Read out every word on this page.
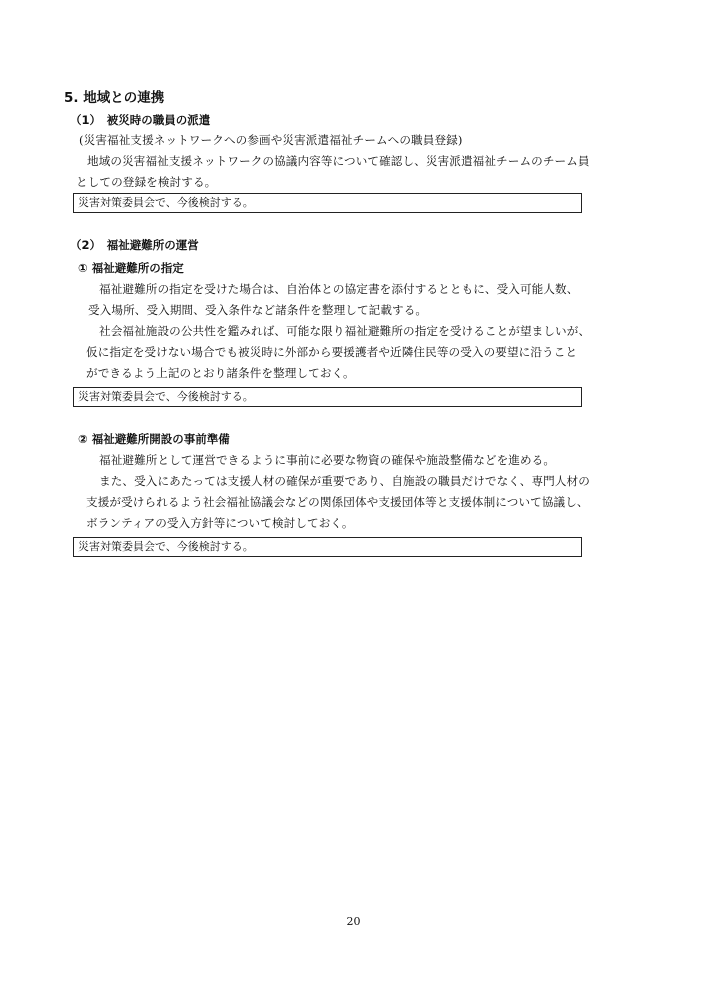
5. 地域との連携
（1）　被災時の職員の派遣
(災害福祉支援ネットワークへの参画や災害派遣福祉チームへの職員登録)
地域の災害福祉支援ネットワークの協議内容等について確認し、災害派遣福祉チームのチーム員
としての登録を検討する。
災害対策委員会で、今後検討する。
（2）　福祉避難所の運営
① 福祉避難所の指定
福祉避難所の指定を受けた場合は、自治体との協定書を添付するとともに、受入可能人数、
受入場所、受入期間、受入条件など諸条件を整理して記載する。
社会福祉施設の公共性を鑑みれば、可能な限り福祉避難所の指定を受けることが望ましいが、
仮に指定を受けない場合でも被災時に外部から要援護者や近隣住民等の受入の要望に沿うこと
ができるよう上記のとおり諸条件を整理しておく。
災害対策委員会で、今後検討する。
② 福祉避難所開設の事前準備
福祉避難所として運営できるように事前に必要な物資の確保や施設整備などを進める。
また、受入にあたっては支援人材の確保が重要であり、自施設の職員だけでなく、専門人材の
支援が受けられるよう社会福祉協議会などの関係団体や支援団体等と支援体制について協議し、
ボランティアの受入方針等について検討しておく。
災害対策委員会で、今後検討する。
20
